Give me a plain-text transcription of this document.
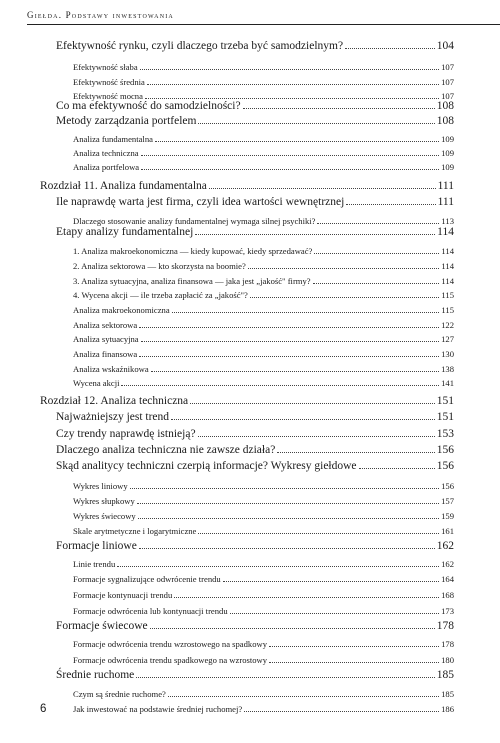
Giełda. Podstawy inwestowania
Efektywność rynku, czyli dlaczego trzeba być samodzielnym?	104
Efektywność słaba	107
Efektywność średnia	107
Efektywność mocna	107
Co ma efektywność do samodzielności?	108
Metody zarządzania portfelem	108
Analiza fundamentalna	109
Analiza techniczna	109
Analiza portfelowa	109
Rozdział 11. Analiza fundamentalna	111
Ile naprawdę warta jest firma, czyli idea wartości wewnętrznej	111
Dlaczego stosowanie analizy fundamentalnej wymaga silnej psychiki?	113
Etapy analizy fundamentalnej	114
1. Analiza makroekonomiczna — kiedy kupować, kiedy sprzedawać?	114
2. Analiza sektorowa — kto skorzysta na boomie?	114
3. Analiza sytuacyjna, analiza finansowa — jaka jest „jakość" firmy?	114
4. Wycena akcji — ile trzeba zapłacić za „jakość"?	115
Analiza makroekonomiczna	115
Analiza sektorowa	122
Analiza sytuacyjna	127
Analiza finansowa	130
Analiza wskaźnikowa	138
Wycena akcji	141
Rozdział 12. Analiza techniczna	151
Najważniejszy jest trend	151
Czy trendy naprawdę istnieją?	153
Dlaczego analiza techniczna nie zawsze działa?	156
Skąd analitycy techniczni czerpią informacje? Wykresy giełdowe	156
Wykres liniowy	156
Wykres słupkowy	157
Wykres świecowy	159
Skale arytmetyczne i logarytmiczne	161
Formacje liniowe	162
Linie trendu	162
Formacje sygnalizujące odwrócenie trendu	164
Formacje kontynuacji trendu	168
Formacje odwrócenia lub kontynuacji trendu	173
Formacje świecowe	178
Formacje odwrócenia trendu wzrostowego na spadkowy	178
Formacje odwrócenia trendu spadkowego na wzrostowy	180
Średnie ruchome	185
Czym są średnie ruchome?	185
Jak inwestować na podstawie średniej ruchomej?	186
6
